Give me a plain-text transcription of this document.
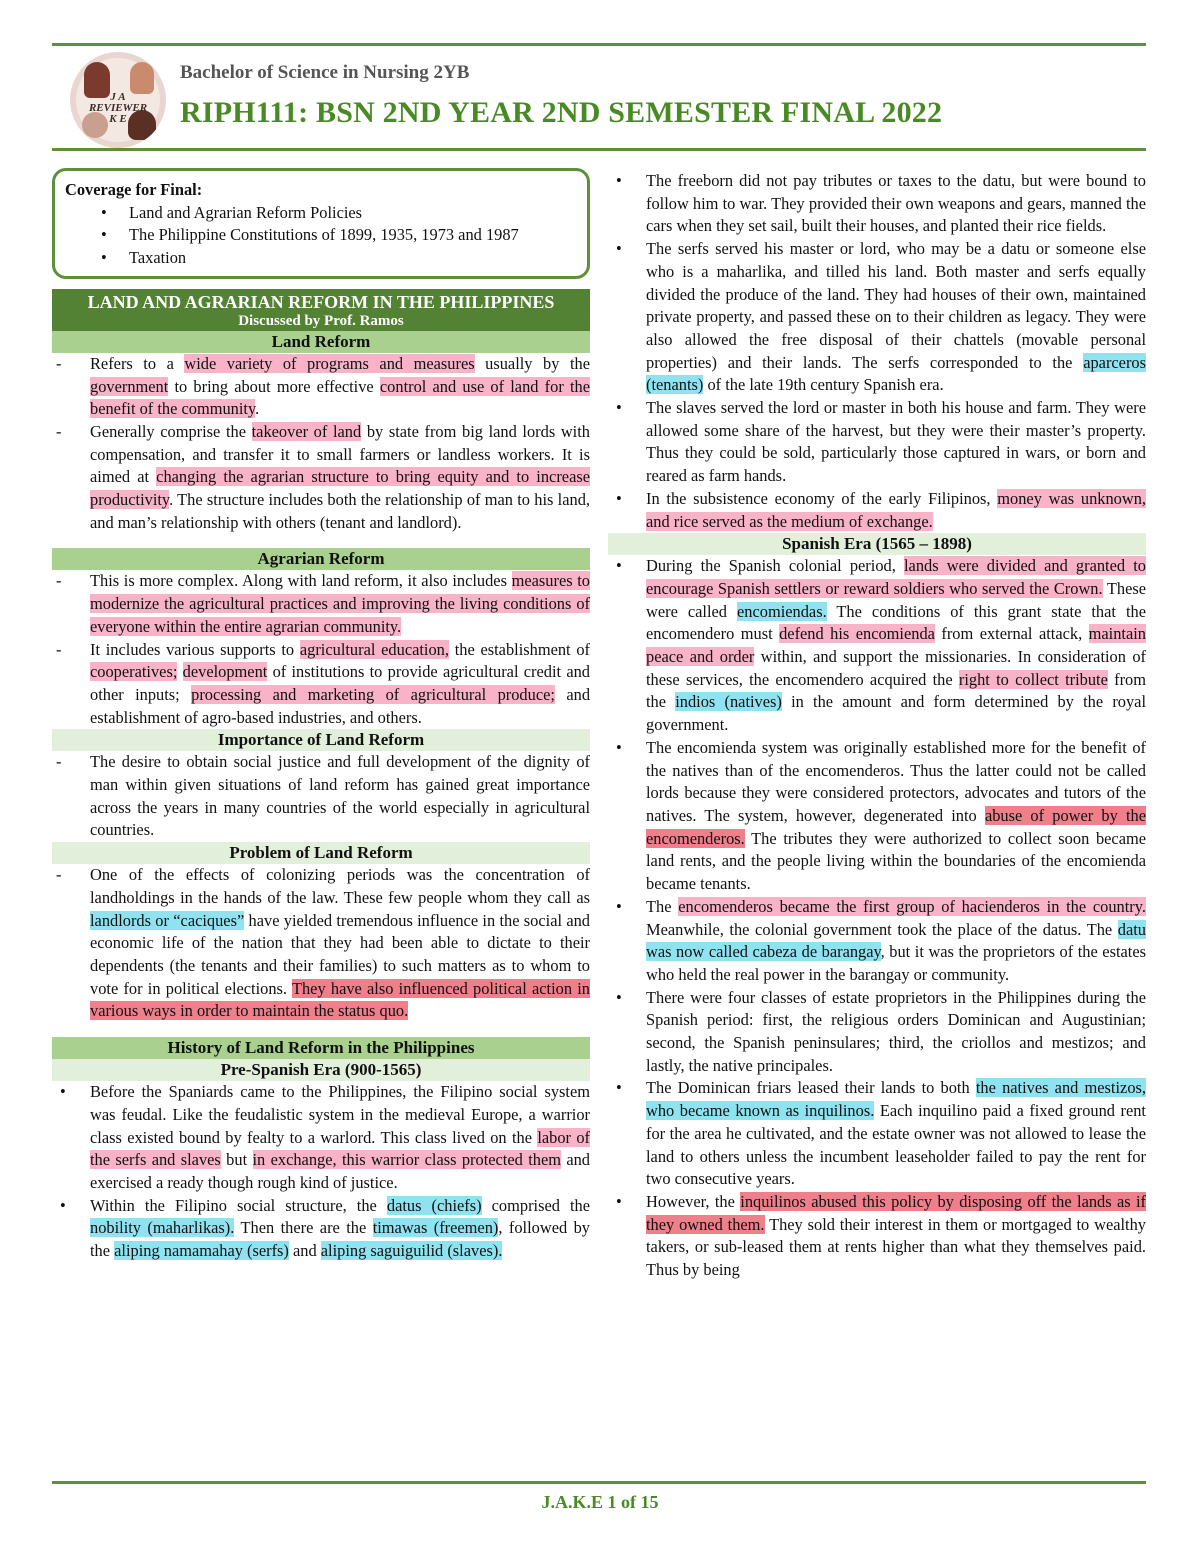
J A
REVIEWER
K E
Bachelor of Science in Nursing 2YB
RIPH111: BSN 2ND YEAR 2ND SEMESTER FINAL 2022
Coverage for Final:
• Land and Agrarian Reform Policies
• The Philippine Constitutions of 1899, 1935, 1973 and 1987
• Taxation
LAND AND AGRARIAN REFORM IN THE PHILIPPINES
Discussed by Prof. Ramos
Land Reform

- Refers to a wide variety of programs and measures usually by the government to bring about more effective control and use of land for the benefit of the community.

- Generally comprise the takeover of land by state from big land lords with compensation, and transfer it to small farmers or landless workers. It is aimed at changing the agrarian structure to bring equity and to increase productivity. The structure includes both the relationship of man to his land, and man’s relationship with others (tenant and landlord).

Agrarian Reform

- This is more complex. Along with land reform, it also includes measures to modernize the agricultural practices and improving the living conditions of everyone within the entire agrarian community.

- It includes various supports to agricultural education, the establishment of cooperatives; development of institutions to provide agricultural credit and other inputs; processing and marketing of agricultural produce; and establishment of agro-based industries, and others.

Importance of Land Reform

- The desire to obtain social justice and full development of the dignity of man within given situations of land reform has gained great importance across the years in many countries of the world especially in agricultural countries.

Problem of Land Reform

- One of the effects of colonizing periods was the concentration of landholdings in the hands of the law. These few people whom they call as landlords or “caciques” have yielded tremendous influence in the social and economic life of the nation that they had been able to dictate to their dependents (the tenants and their families) to such matters as to whom to vote for in political elections. They have also influenced political action in various ways in order to maintain the status quo.

History of Land Reform in the Philippines
Pre-Spanish Era (900-1565)

• Before the Spaniards came to the Philippines, the Filipino social system was feudal. Like the feudalistic system in the medieval Europe, a warrior class existed bound by fealty to a warlord. This class lived on the labor of the serfs and slaves but in exchange, this warrior class protected them and exercised a ready though rough kind of justice.

• Within the Filipino social structure, the datus (chiefs) comprised the nobility (maharlikas). Then there are the timawas (freemen), followed by the aliping namamahay (serfs) and aliping saguiguilid (slaves).

• The freeborn did not pay tributes or taxes to the datu, but were bound to follow him to war. They provided their own weapons and gears, manned the cars when they set sail, built their houses, and planted their rice fields.

• The serfs served his master or lord, who may be a datu or someone else who is a maharlika, and tilled his land. Both master and serfs equally divided the produce of the land. They had houses of their own, maintained private property, and passed these on to their children as legacy. They were also allowed the free disposal of their chattels (movable personal properties) and their lands. The serfs corresponded to the aparceros (tenants) of the late 19th century Spanish era.

• The slaves served the lord or master in both his house and farm. They were allowed some share of the harvest, but they were their master’s property. Thus they could be sold, particularly those captured in wars, or born and reared as farm hands.

• In the subsistence economy of the early Filipinos, money was unknown, and rice served as the medium of exchange.

Spanish Era (1565 – 1898)

• During the Spanish colonial period, lands were divided and granted to encourage Spanish settlers or reward soldiers who served the Crown. These were called encomiendas. The conditions of this grant state that the encomendero must defend his encomienda from external attack, maintain peace and order within, and support the missionaries. In consideration of these services, the encomendero acquired the right to collect tribute from the indios (natives) in the amount and form determined by the royal government.

• The encomienda system was originally established more for the benefit of the natives than of the encomenderos. Thus the latter could not be called lords because they were considered protectors, advocates and tutors of the natives. The system, however, degenerated into abuse of power by the encomenderos. The tributes they were authorized to collect soon became land rents, and the people living within the boundaries of the encomienda became tenants.

• The encomenderos became the first group of hacienderos in the country. Meanwhile, the colonial government took the place of the datus. The datu was now called cabeza de barangay, but it was the proprietors of the estates who held the real power in the barangay or community.

• There were four classes of estate proprietors in the Philippines during the Spanish period: first, the religious orders Dominican and Augustinian; second, the Spanish peninsulares; third, the criollos and mestizos; and lastly, the native principales.

• The Dominican friars leased their lands to both the natives and mestizos, who became known as inquilinos. Each inquilino paid a fixed ground rent for the area he cultivated, and the estate owner was not allowed to lease the land to others unless the incumbent leaseholder failed to pay the rent for two consecutive years.

• However, the inquilinos abused this policy by disposing off the lands as if they owned them. They sold their interest in them or mortgaged to wealthy takers, or sub-leased them at rents higher than what they themselves paid. Thus by being

J.A.K.E 1 of 15
